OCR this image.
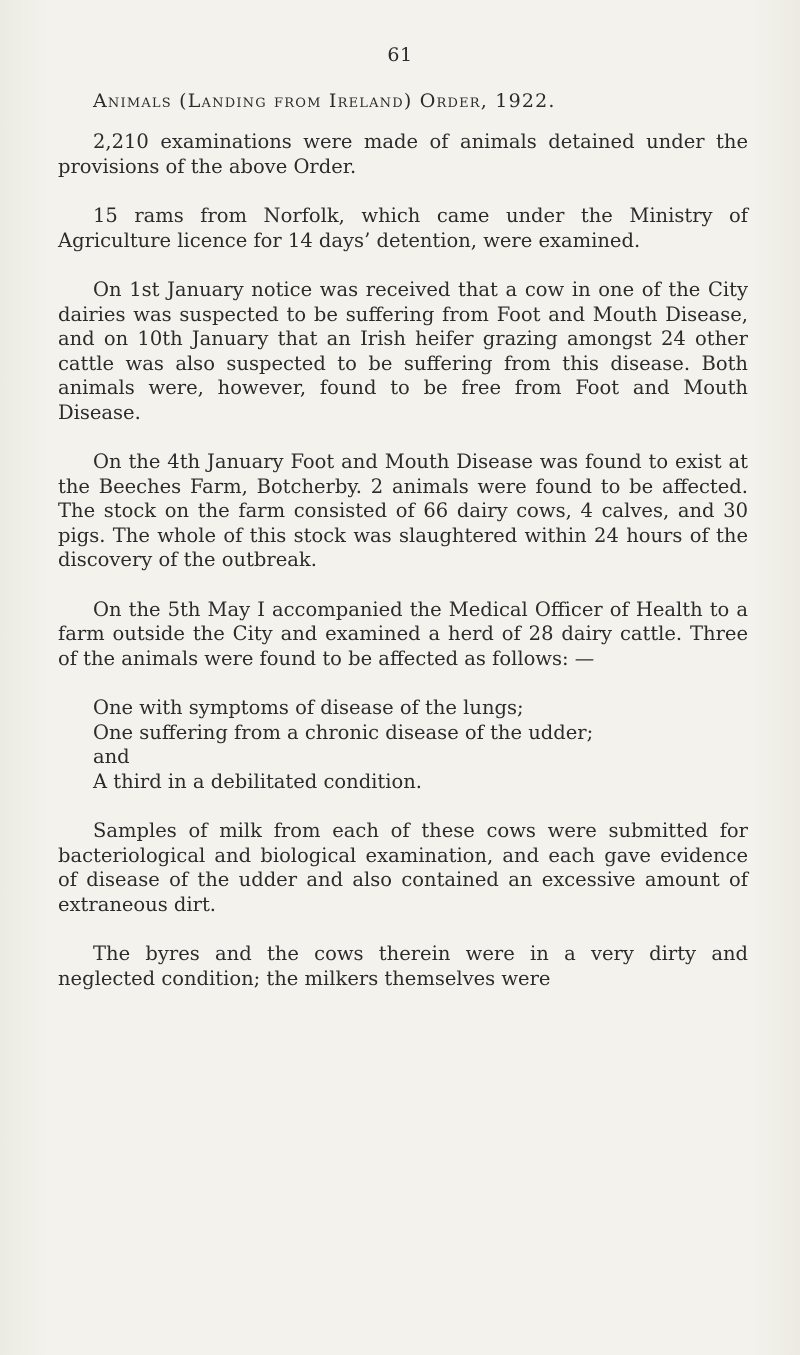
61
Animals (Landing from Ireland) Order, 1922.

2,210 examinations were made of animals detained under the provisions of the above Order.

15 rams from Norfolk, which came under the Ministry of Agriculture licence for 14 days’ detention, were examined.

On 1st January notice was received that a cow in one of the City dairies was suspected to be suffering from Foot and Mouth Disease, and on 10th January that an Irish heifer grazing amongst 24 other cattle was also suspected to be suffering from this disease. Both animals were, however, found to be free from Foot and Mouth Disease.

On the 4th January Foot and Mouth Disease was found to exist at the Beeches Farm, Botcherby. 2 animals were found to be affected. The stock on the farm consisted of 66 dairy cows, 4 calves, and 30 pigs. The whole of this stock was slaughtered within 24 hours of the discovery of the outbreak.

On the 5th May I accompanied the Medical Officer of Health to a farm outside the City and examined a herd of 28 dairy cattle. Three of the animals were found to be affected as follows: —

One with symptoms of disease of the lungs;

One suffering from a chronic disease of the udder;

and

A third in a debilitated condition.

Samples of milk from each of these cows were submitted for bacteriological and biological examination, and each gave evidence of disease of the udder and also contained an excessive amount of extraneous dirt.

The byres and the cows therein were in a very dirty and neglected condition; the milkers themselves were
